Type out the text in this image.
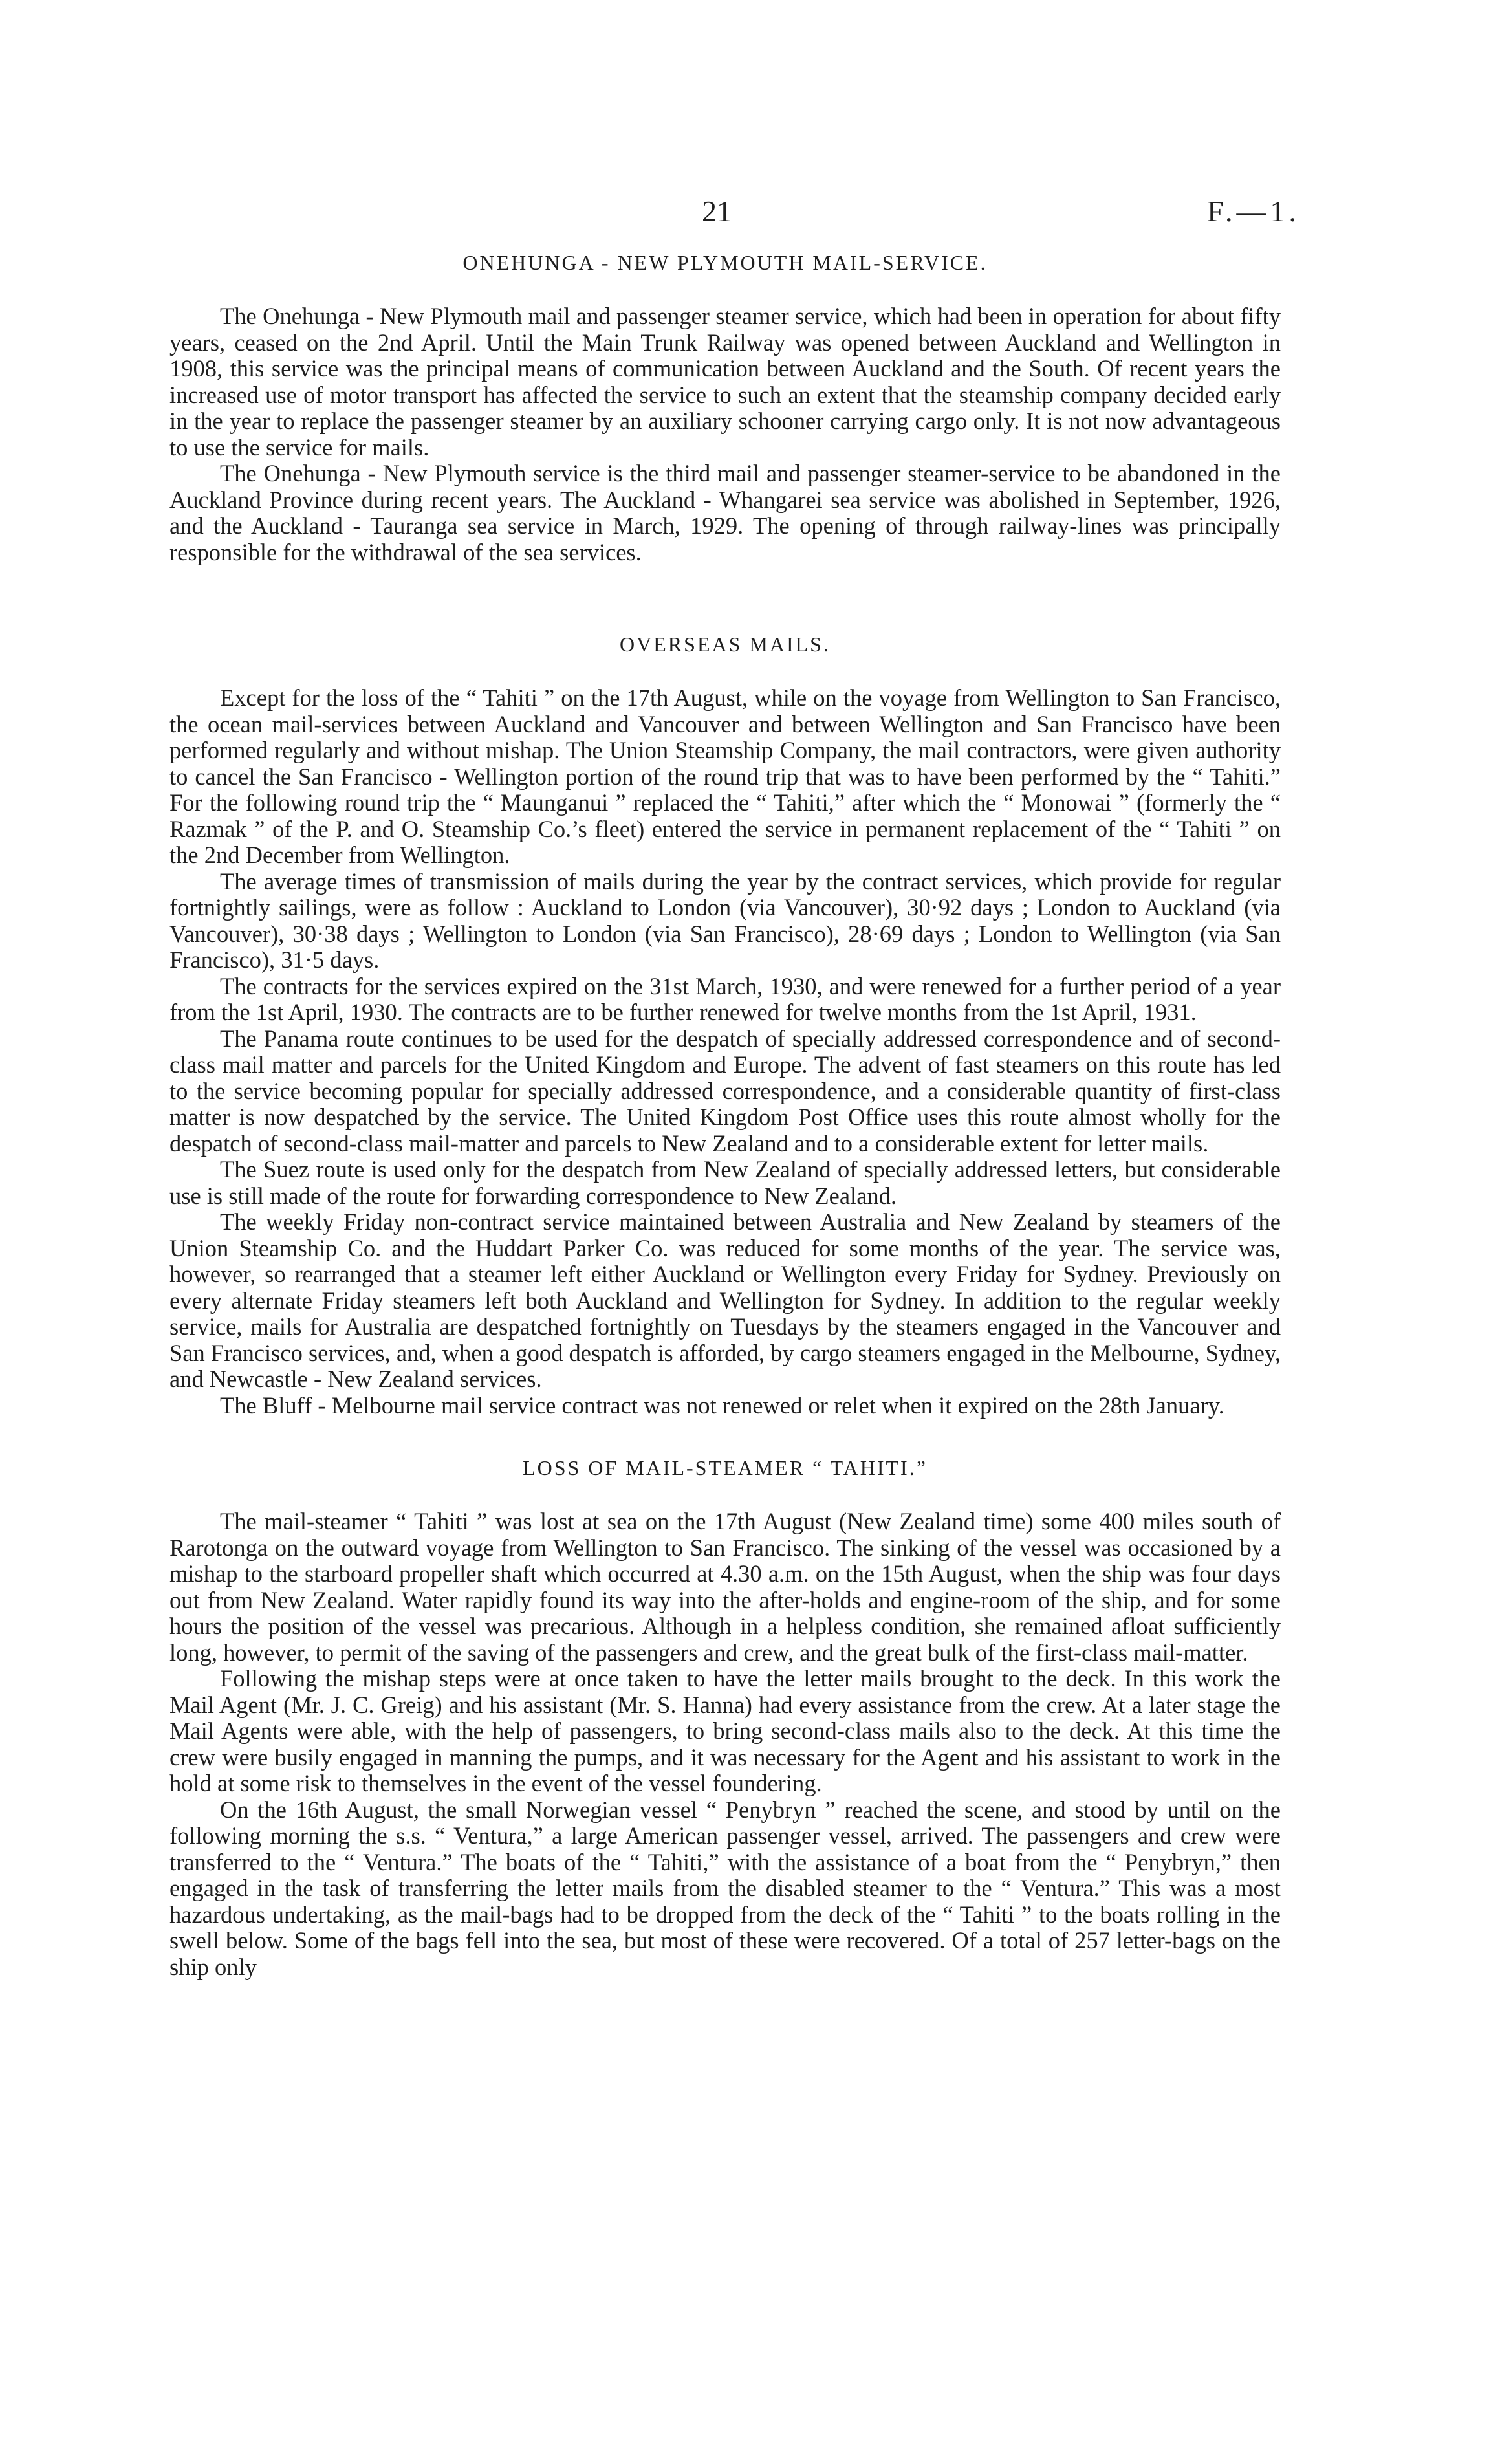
21	F.—1.
ONEHUNGA - NEW PLYMOUTH MAIL-SERVICE.

The Onehunga - New Plymouth mail and passenger steamer service, which had been in operation for about fifty years, ceased on the 2nd April. Until the Main Trunk Railway was opened between Auckland and Wellington in 1908, this service was the principal means of communication between Auckland and the South. Of recent years the increased use of motor transport has affected the service to such an extent that the steamship company decided early in the year to replace the passenger steamer by an auxiliary schooner carrying cargo only. It is not now advantageous to use the service for mails.

The Onehunga - New Plymouth service is the third mail and passenger steamer-service to be abandoned in the Auckland Province during recent years. The Auckland - Whangarei sea service was abolished in September, 1926, and the Auckland - Tauranga sea service in March, 1929. The opening of through railway-lines was principally responsible for the withdrawal of the sea services.

OVERSEAS MAILS.

Except for the loss of the “ Tahiti ” on the 17th August, while on the voyage from Wellington to San Francisco, the ocean mail-services between Auckland and Vancouver and between Wellington and San Francisco have been performed regularly and without mishap. The Union Steamship Company, the mail contractors, were given authority to cancel the San Francisco - Wellington portion of the round trip that was to have been performed by the “ Tahiti.” For the following round trip the “ Maunganui ” replaced the “ Tahiti,” after which the “ Monowai ” (formerly the “ Razmak ” of the P. and O. Steamship Co.’s fleet) entered the service in permanent replacement of the “ Tahiti ” on the 2nd December from Wellington.

The average times of transmission of mails during the year by the contract services, which provide for regular fortnightly sailings, were as follow : Auckland to London (via Vancouver), 30·92 days ; London to Auckland (via Vancouver), 30·38 days ; Wellington to London (via San Francisco), 28·69 days ; London to Wellington (via San Francisco), 31·5 days.

The contracts for the services expired on the 31st March, 1930, and were renewed for a further period of a year from the 1st April, 1930. The contracts are to be further renewed for twelve months from the 1st April, 1931.

The Panama route continues to be used for the despatch of specially addressed correspondence and of second-class mail matter and parcels for the United Kingdom and Europe. The advent of fast steamers on this route has led to the service becoming popular for specially addressed correspondence, and a considerable quantity of first-class matter is now despatched by the service. The United Kingdom Post Office uses this route almost wholly for the despatch of second-class mail-matter and parcels to New Zealand and to a considerable extent for letter mails.

The Suez route is used only for the despatch from New Zealand of specially addressed letters, but considerable use is still made of the route for forwarding correspondence to New Zealand.

The weekly Friday non-contract service maintained between Australia and New Zealand by steamers of the Union Steamship Co. and the Huddart Parker Co. was reduced for some months of the year. The service was, however, so rearranged that a steamer left either Auckland or Wellington every Friday for Sydney. Previously on every alternate Friday steamers left both Auckland and Wellington for Sydney. In addition to the regular weekly service, mails for Australia are despatched fortnightly on Tuesdays by the steamers engaged in the Vancouver and San Francisco services, and, when a good despatch is afforded, by cargo steamers engaged in the Melbourne, Sydney, and Newcastle - New Zealand services.

The Bluff - Melbourne mail service contract was not renewed or relet when it expired on the 28th January.

LOSS OF MAIL-STEAMER “ TAHITI.”

The mail-steamer “ Tahiti ” was lost at sea on the 17th August (New Zealand time) some 400 miles south of Rarotonga on the outward voyage from Wellington to San Francisco. The sinking of the vessel was occasioned by a mishap to the starboard propeller shaft which occurred at 4.30 a.m. on the 15th August, when the ship was four days out from New Zealand. Water rapidly found its way into the after-holds and engine-room of the ship, and for some hours the position of the vessel was precarious. Although in a helpless condition, she remained afloat sufficiently long, however, to permit of the saving of the passengers and crew, and the great bulk of the first-class mail-matter.

Following the mishap steps were at once taken to have the letter mails brought to the deck. In this work the Mail Agent (Mr. J. C. Greig) and his assistant (Mr. S. Hanna) had every assistance from the crew. At a later stage the Mail Agents were able, with the help of passengers, to bring second-class mails also to the deck. At this time the crew were busily engaged in manning the pumps, and it was necessary for the Agent and his assistant to work in the hold at some risk to themselves in the event of the vessel foundering.

On the 16th August, the small Norwegian vessel “ Penybryn ” reached the scene, and stood by until on the following morning the s.s. “ Ventura,” a large American passenger vessel, arrived. The passengers and crew were transferred to the “ Ventura.” The boats of the “ Tahiti,” with the assistance of a boat from the “ Penybryn,” then engaged in the task of transferring the letter mails from the disabled steamer to the “ Ventura.” This was a most hazardous undertaking, as the mail-bags had to be dropped from the deck of the “ Tahiti ” to the boats rolling in the swell below. Some of the bags fell into the sea, but most of these were recovered. Of a total of 257 letter-bags on the ship only
